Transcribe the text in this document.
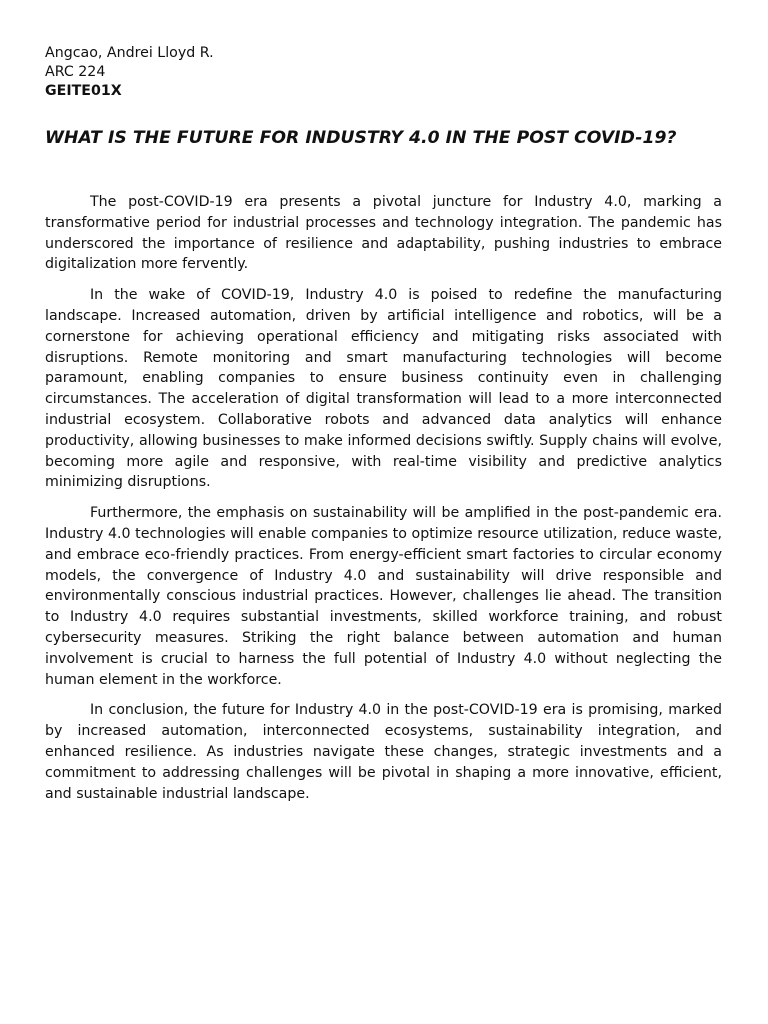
Angcao, Andrei Lloyd R.

ARC 224

GEITE01X

WHAT IS THE FUTURE FOR INDUSTRY 4.0 IN THE POST COVID-19?

The post-COVID-19 era presents a pivotal juncture for Industry 4.0, marking a transformative period for industrial processes and technology integration. The pandemic has underscored the importance of resilience and adaptability, pushing industries to embrace digitalization more fervently.

In the wake of COVID-19, Industry 4.0 is poised to redefine the manufacturing landscape. Increased automation, driven by artificial intelligence and robotics, will be a cornerstone for achieving operational efficiency and mitigating risks associated with disruptions. Remote monitoring and smart manufacturing technologies will become paramount, enabling companies to ensure business continuity even in challenging circumstances. The acceleration of digital transformation will lead to a more interconnected industrial ecosystem. Collaborative robots and advanced data analytics will enhance productivity, allowing businesses to make informed decisions swiftly. Supply chains will evolve, becoming more agile and responsive, with real-time visibility and predictive analytics minimizing disruptions.

Furthermore, the emphasis on sustainability will be amplified in the post-pandemic era. Industry 4.0 technologies will enable companies to optimize resource utilization, reduce waste, and embrace eco-friendly practices. From energy-efficient smart factories to circular economy models, the convergence of Industry 4.0 and sustainability will drive responsible and environmentally conscious industrial practices. However, challenges lie ahead. The transition to Industry 4.0 requires substantial investments, skilled workforce training, and robust cybersecurity measures. Striking the right balance between automation and human involvement is crucial to harness the full potential of Industry 4.0 without neglecting the human element in the workforce.

In conclusion, the future for Industry 4.0 in the post-COVID-19 era is promising, marked by increased automation, interconnected ecosystems, sustainability integration, and enhanced resilience. As industries navigate these changes, strategic investments and a commitment to addressing challenges will be pivotal in shaping a more innovative, efficient, and sustainable industrial landscape.
